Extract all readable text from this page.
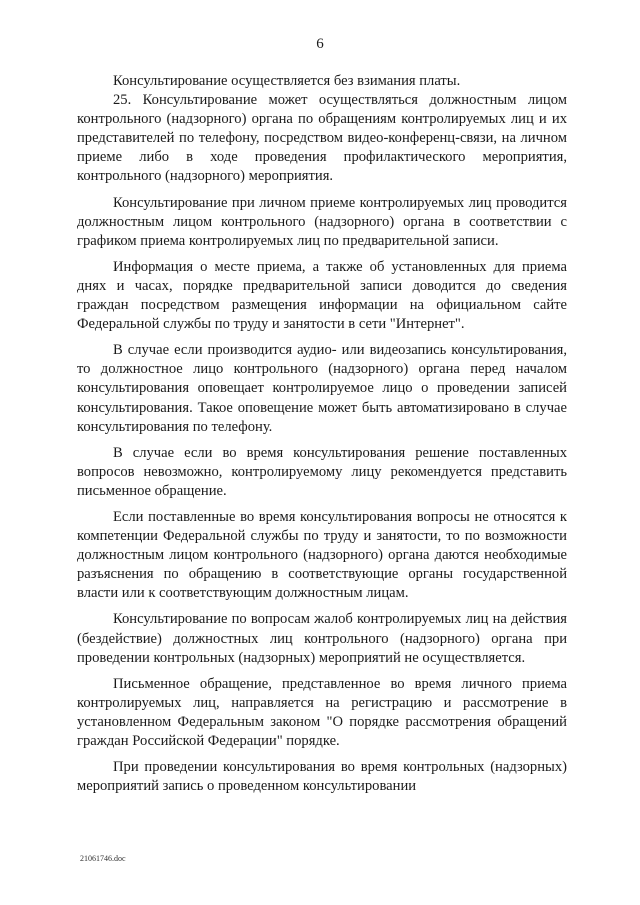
6

Консультирование осуществляется без взимания платы.

25. Консультирование может осуществляться должностным лицом контрольного (надзорного) органа по обращениям контролируемых лиц и их представителей по телефону, посредством видео-конференц-связи, на личном приеме либо в ходе проведения профилактического мероприятия, контрольного (надзорного) мероприятия.

Консультирование при личном приеме контролируемых лиц проводится должностным лицом контрольного (надзорного) органа в соответствии с графиком приема контролируемых лиц по предварительной записи.

Информация о месте приема, а также об установленных для приема днях и часах, порядке предварительной записи доводится до сведения граждан посредством размещения информации на официальном сайте Федеральной службы по труду и занятости в сети "Интернет".

В случае если производится аудио- или видеозапись консультирования, то должностное лицо контрольного (надзорного) органа перед началом консультирования оповещает контролируемое лицо о проведении записей консультирования. Такое оповещение может быть автоматизировано в случае консультирования по телефону.

В случае если во время консультирования решение поставленных вопросов невозможно, контролируемому лицу рекомендуется представить письменное обращение.

Если поставленные во время консультирования вопросы не относятся к компетенции Федеральной службы по труду и занятости, то по возможности должностным лицом контрольного (надзорного) органа даются необходимые разъяснения по обращению в соответствующие органы государственной власти или к соответствующим должностным лицам.

Консультирование по вопросам жалоб контролируемых лиц на действия (бездействие) должностных лиц контрольного (надзорного) органа при проведении контрольных (надзорных) мероприятий не осуществляется.

Письменное обращение, представленное во время личного приема контролируемых лиц, направляется на регистрацию и рассмотрение в установленном Федеральным законом "О порядке рассмотрения обращений граждан Российской Федерации" порядке.

При проведении консультирования во время контрольных (надзорных) мероприятий запись о проведенном консультировании

21061746.doc
